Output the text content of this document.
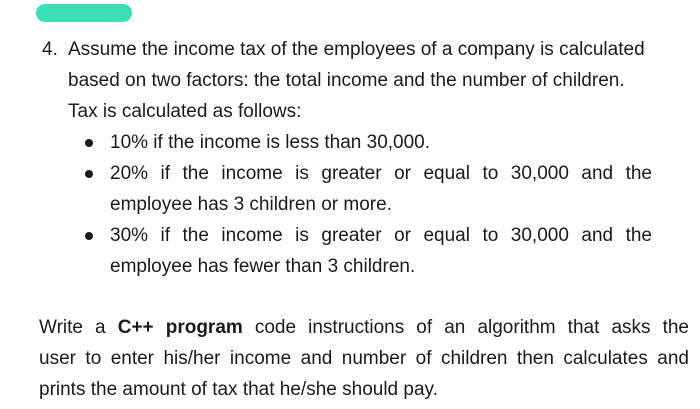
4. Assume the income tax of the employees of a company is calculated
based on two factors: the total income and the number of children.
Tax is calculated as follows:
10% if the income is less than 30,000.
20% if the income is greater or equal to 30,000 and the
employee has 3 children or more.
30% if the income is greater or equal to 30,000 and the
employee has fewer than 3 children.
Write a C++ program code instructions of an algorithm that asks the
user to enter his/her income and number of children then calculates and
prints the amount of tax that he/she should pay.
